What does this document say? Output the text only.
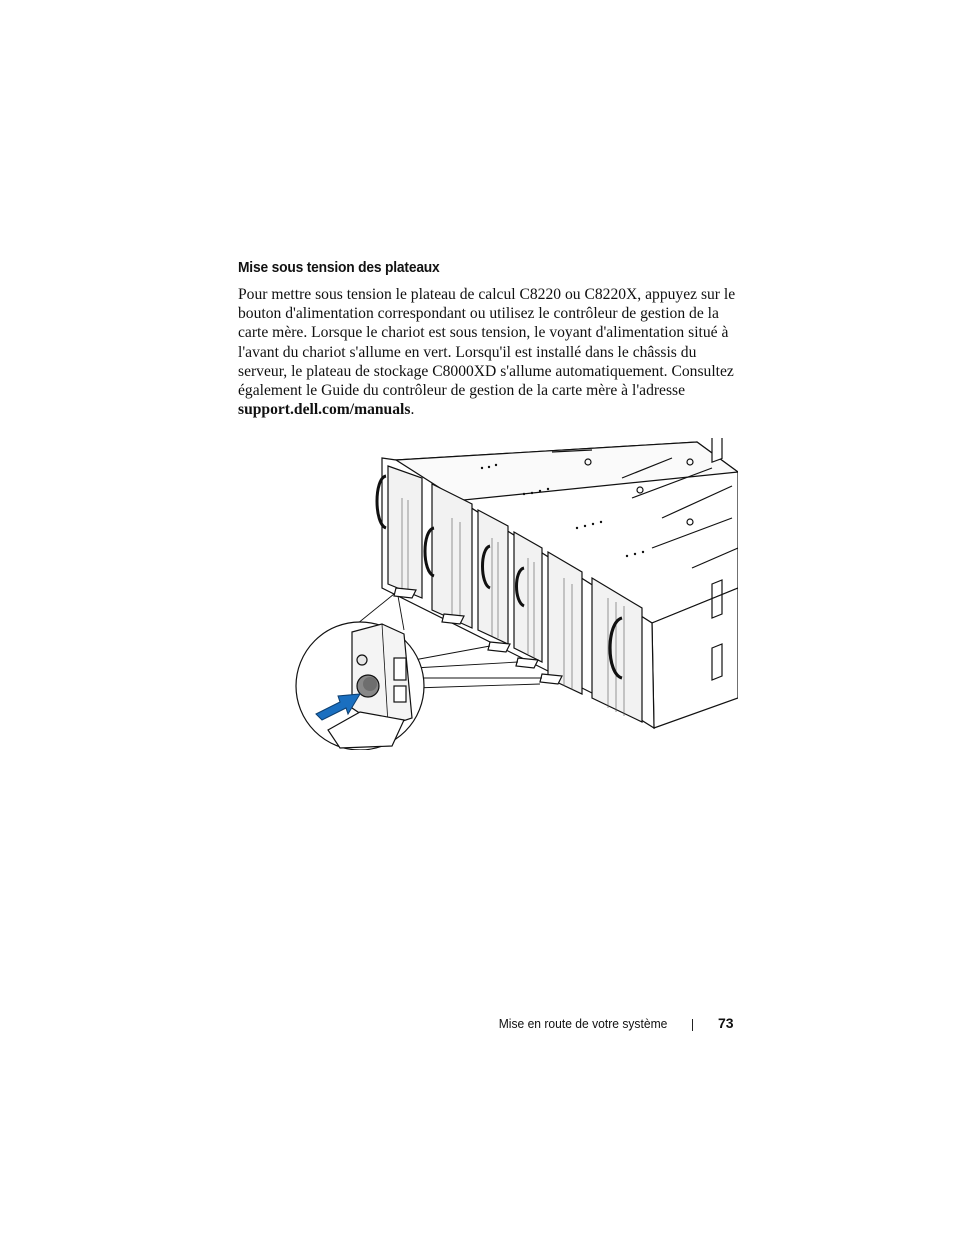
Mise sous tension des plateaux

Pour mettre sous tension le plateau de calcul C8220 ou C8220X, appuyez sur le bouton d'alimentation correspondant ou utilisez le contrôleur de gestion de la carte mère. Lorsque le chariot est sous tension, le voyant d'alimentation situé à l'avant du chariot s'allume en vert. Lorsqu'il est installé dans le châssis du serveur, le plateau de stockage C8000XD s'allume automatiquement. Consultez également le Guide du contrôleur de gestion de la carte mère à l'adresse support.dell.com/manuals.

Mise en route de votre système	73
